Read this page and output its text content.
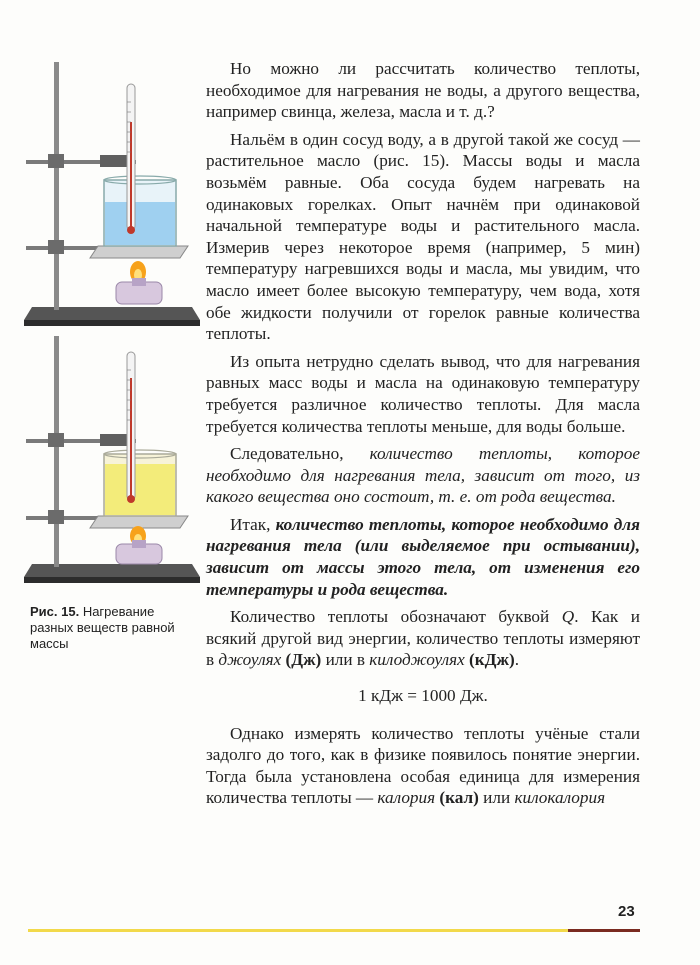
Рис. 15. Нагревание разных веществ равной массы

Но можно ли рассчитать количество теплоты, необходимое для нагревания не воды, а другого вещества, например свинца, железа, масла и т. д.?

Нальём в один сосуд воду, а в другой такой же сосуд — растительное масло (рис. 15). Массы воды и масла возьмём равные. Оба сосуда будем нагревать на одинаковых горелках. Опыт начнём при одинаковой начальной температуре воды и растительного масла. Измерив через некоторое время (например, 5 мин) температуру нагревшихся воды и масла, мы увидим, что масло имеет более высокую температуру, чем вода, хотя обе жидкости получили от горелок равные количества теплоты.

Из опыта нетрудно сделать вывод, что для нагревания равных масс воды и масла на одинаковую температуру требуется различное количество теплоты. Для масла требуется количества теплоты меньше, для воды больше.

Следовательно, количество теплоты, которое необходимо для нагревания тела, зависит от того, из какого вещества оно состоит, т. е. от рода вещества.

Итак, количество теплоты, которое необходимо для нагревания тела (или выделяемое при остывании), зависит от массы этого тела, от изменения его температуры и рода вещества.

Количество теплоты обозначают буквой Q. Как и всякий другой вид энергии, количество теплоты измеряют в джоулях (Дж) или в килоджоулях (кДж).

1 кДж = 1000 Дж.

Однако измерять количество теплоты учёные стали задолго до того, как в физике появилось понятие энергии. Тогда была установлена особая единица для измерения количества теплоты — калория (кал) или килокалория

23
